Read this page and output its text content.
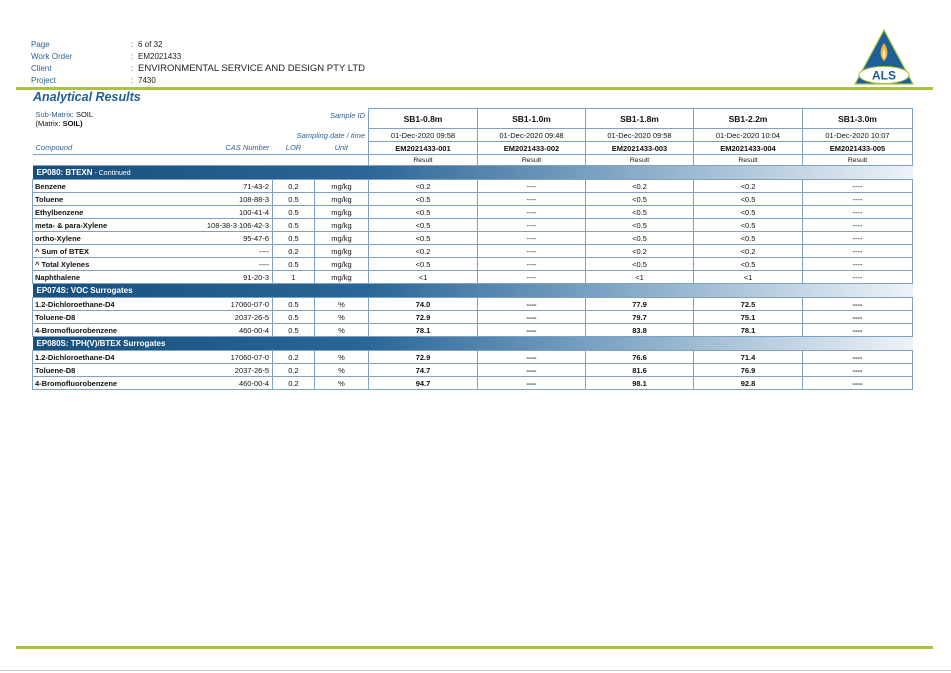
Page	: 6 of 32
Work Order	: EM2021433
Client	: ENVIRONMENTAL SERVICE AND DESIGN PTY LTD
Project	: 7430	ALS
Analytical Results
Sub-Matrix: SOIL
(Matrix: SOIL)			Sample ID	SB1-0.8m	SB1-1.0m	SB1-1.8m	SB1-2.2m	SB1-3.0m
		Sampling date / time		01-Dec-2020 09:58	01-Dec-2020 09:48	01-Dec-2020 09:58	01-Dec-2020 10:04	01-Dec-2020 10:07
Compound	CAS Number	LOR	Unit	EM2021433-001	EM2021433-002	EM2021433-003	EM2021433-004	EM2021433-005
				Result	Result	Result	Result	Result
EP080: BTEXN - Continued								
Benzene	71-43-2	0.2	mg/kg	<0.2	----	<0.2	<0.2	----
Toluene	108-88-3	0.5	mg/kg	<0.5	----	<0.5	<0.5	----
Ethylbenzene	100-41-4	0.5	mg/kg	<0.5	----	<0.5	<0.5	----
meta- & para-Xylene	108-38-3 106-42-3	0.5	mg/kg	<0.5	----	<0.5	<0.5	----
ortho-Xylene	95-47-6	0.5	mg/kg	<0.5	----	<0.5	<0.5	----
^ Sum of BTEX	----	0.2	mg/kg	<0.2	----	<0.2	<0.2	----
^ Total Xylenes	----	0.5	mg/kg	<0.5	----	<0.5	<0.5	----
Naphthalene	91-20-3	1	mg/kg	<1	----	<1	<1	----
EP074S: VOC Surrogates								
1.2-Dichloroethane-D4	17060-07-0	0.5	%	74.0	----	77.9	72.5	----
Toluene-D8	2037-26-5	0.5	%	72.9	----	79.7	75.1	----
4-Bromofluorobenzene	460-00-4	0.5	%	78.1	----	83.8	78.1	----
EP080S: TPH(V)/BTEX Surrogates								
1.2-Dichloroethane-D4	17060-07-0	0.2	%	72.9	----	76.6	71.4	----
Toluene-D8	2037-26-5	0.2	%	74.7	----	81.6	76.9	----
4-Bromofluorobenzene	460-00-4	0.2	%	94.7	----	98.1	92.8	----
